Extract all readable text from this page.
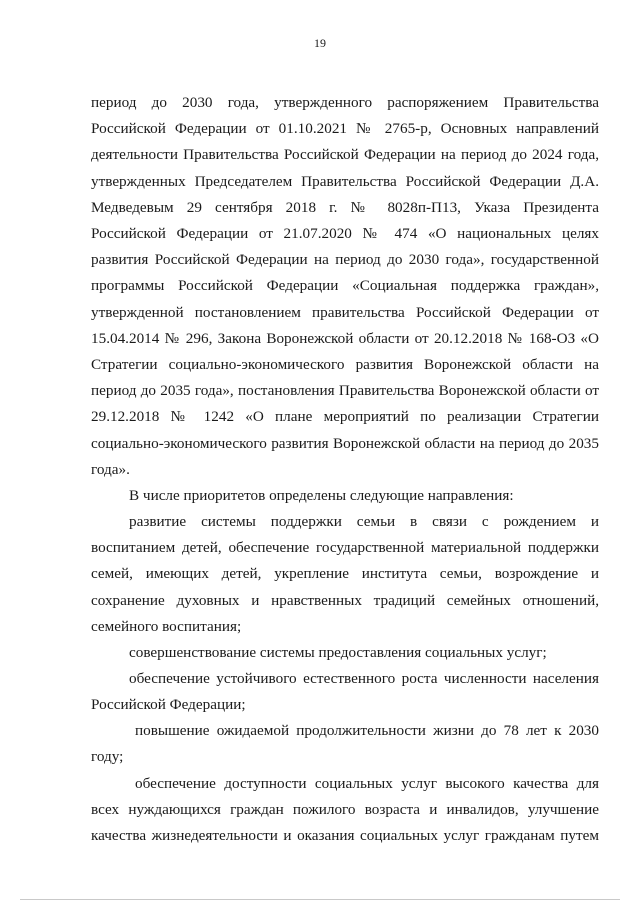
19
период до 2030 года, утвержденного распоряжением Правительства
Российской Федерации от 01.10.2021 № 2765-р, Основных направлений
деятельности Правительства Российской Федерации на период до 2024 года,
утвержденных Председателем Правительства Российской Федерации Д.А.
Медведевым 29 сентября 2018 г. № 8028п-П13, Указа Президента
Российской Федерации от 21.07.2020 № 474 «О национальных целях
развития Российской Федерации на период до 2030 года», государственной
программы Российской Федерации «Социальная поддержка граждан»,
утвержденной постановлением правительства Российской Федерации от
15.04.2014 № 296, Закона Воронежской области от 20.12.2018 № 168-ОЗ «О
Стратегии социально-экономического развития Воронежской области на
период до 2035 года», постановления Правительства Воронежской области от
29.12.2018 № 1242 «О плане мероприятий по реализации Стратегии
социально-экономического развития Воронежской области на период до 2035
года».
В числе приоритетов определены следующие направления:
развитие системы поддержки семьи в связи с рождением и
воспитанием детей, обеспечение государственной материальной поддержки
семей, имеющих детей, укрепление института семьи, возрождение и
сохранение духовных и нравственных традиций семейных отношений,
семейного воспитания;
совершенствование системы предоставления социальных услуг;
обеспечение устойчивого естественного роста численности населения
Российской Федерации;
повышение ожидаемой продолжительности жизни до 78 лет к 2030
году;
обеспечение доступности социальных услуг высокого качества для
всех нуждающихся граждан пожилого возраста и инвалидов, улучшение
качества жизнедеятельности и оказания социальных услуг гражданам путем
